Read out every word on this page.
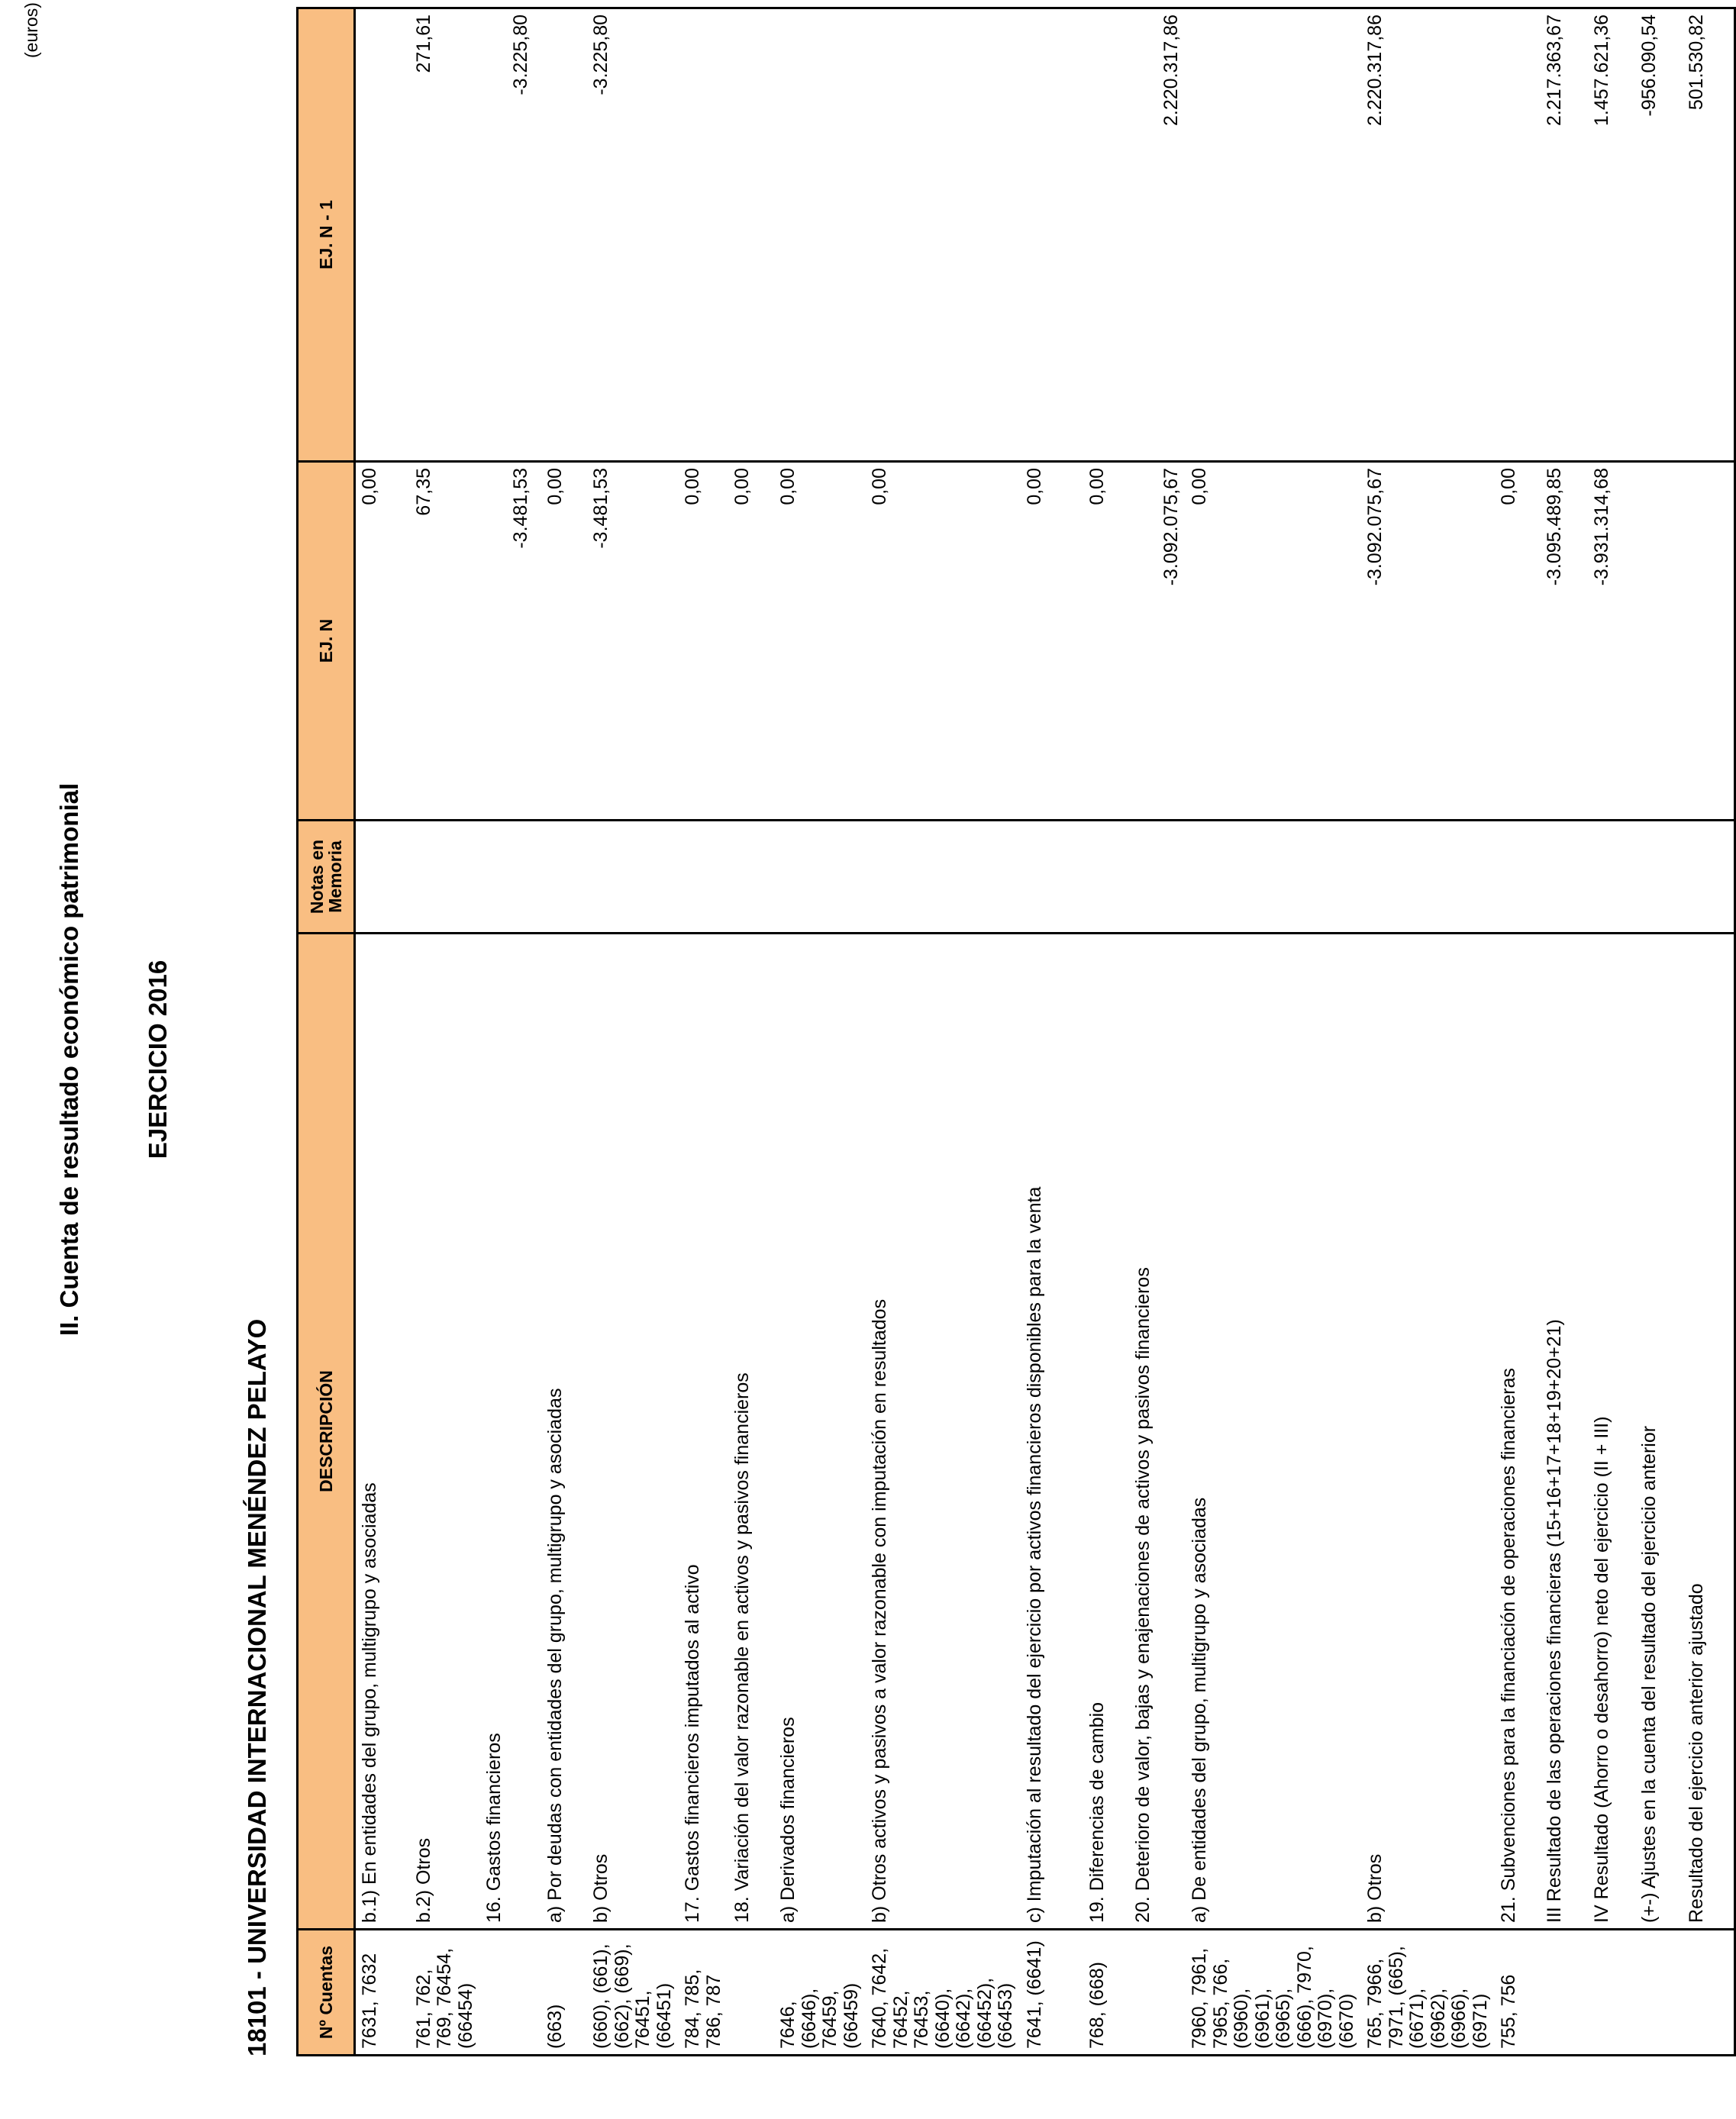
II. Cuenta de resultado económico patrimonial EJERCICIO 2016
18101 - UNIVERSIDAD INTERNACIONAL MENÉNDEZ PELAYO
(euros)
Nº Cuentas	DESCRIPCIÓN	Notas en Memoria	EJ. N	EJ. N - 1
7631, 7632	b.1) En entidades del grupo, multigrupo y asociadas		0,00	
761, 762, 769, 76454, (66454)	b.2) Otros		67,35	271,61
	16. Gastos financieros		-3.481,53	-3.225,80
(663)	a) Por deudas con entidades del grupo, multigrupo y asociadas		0,00	
(660), (661), (662), (669), 76451, (66451)	b) Otros		-3.481,53	-3.225,80
784, 785, 786, 787	17. Gastos financieros imputados al activo		0,00	
	18. Variación del valor razonable en activos y pasivos financieros		0,00	
7646, (6646), 76459, (66459)	a) Derivados financieros		0,00	
7640, 7642, 76452, 76453, (6640), (6642), (66452), (66453)	b) Otros activos y pasivos a valor razonable con imputación en resultados		0,00	
7641, (6641)	c) Imputación al resultado del ejercicio por activos financieros disponibles para la venta		0,00	
768, (668)	19. Diferencias de cambio		0,00	
	20. Deterioro de valor, bajas y enajenaciones de activos y pasivos financieros		-3.092.075,67	2.220.317,86
7960, 7961, 7965, 766, (6960), (6961), (6965), (666), 7970, (6970), (6670)	a) De entidades del grupo, multigrupo y asociadas		0,00	
765, 7966, 7971, (665), (6671), (6962), (6966), (6971)	b) Otros		-3.092.075,67	2.220.317,86
755, 756	21. Subvenciones para la financiación de operaciones financieras		0,00	
	III Resultado de las operaciones financieras (15+16+17+18+19+20+21)		-3.095.489,85	2.217.363,67
	IV Resultado (Ahorro o desahorro) neto del ejercicio (II + III)		-3.931.314,68	1.457.621,36
	(+-) Ajustes en la cuenta del resultado del ejercicio anterior			-956.090,54
	Resultado del ejercicio anterior ajustado			501.530,82
